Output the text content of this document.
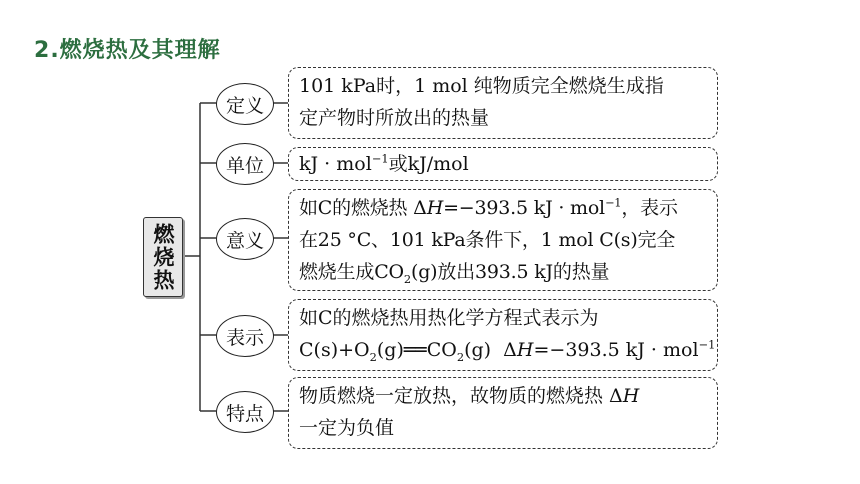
2.燃烧热及其理解
燃烧热
定义
单位
意义
表示
特点

101 kPa时，1 mol 纯物质完全燃烧生成指

定产物时所放出的热量

kJ · mol$^{-1}$或kJ/mol

如C的燃烧热 ΔH=−393.5 kJ · mol$^{-1}$，表示

在25 °C、101 kPa条件下，1 mol C(s)完全

燃烧生成$CO_2(g)$放出393.5 kJ的热量

如C的燃烧热用热化学方程式表示为

$C(s)+O_2(g)══CO_2(g)$  ΔH=−393.5 kJ · mol$^{-1}$

物质燃烧一定放热，故物质的燃烧热 ΔH

一定为负值
